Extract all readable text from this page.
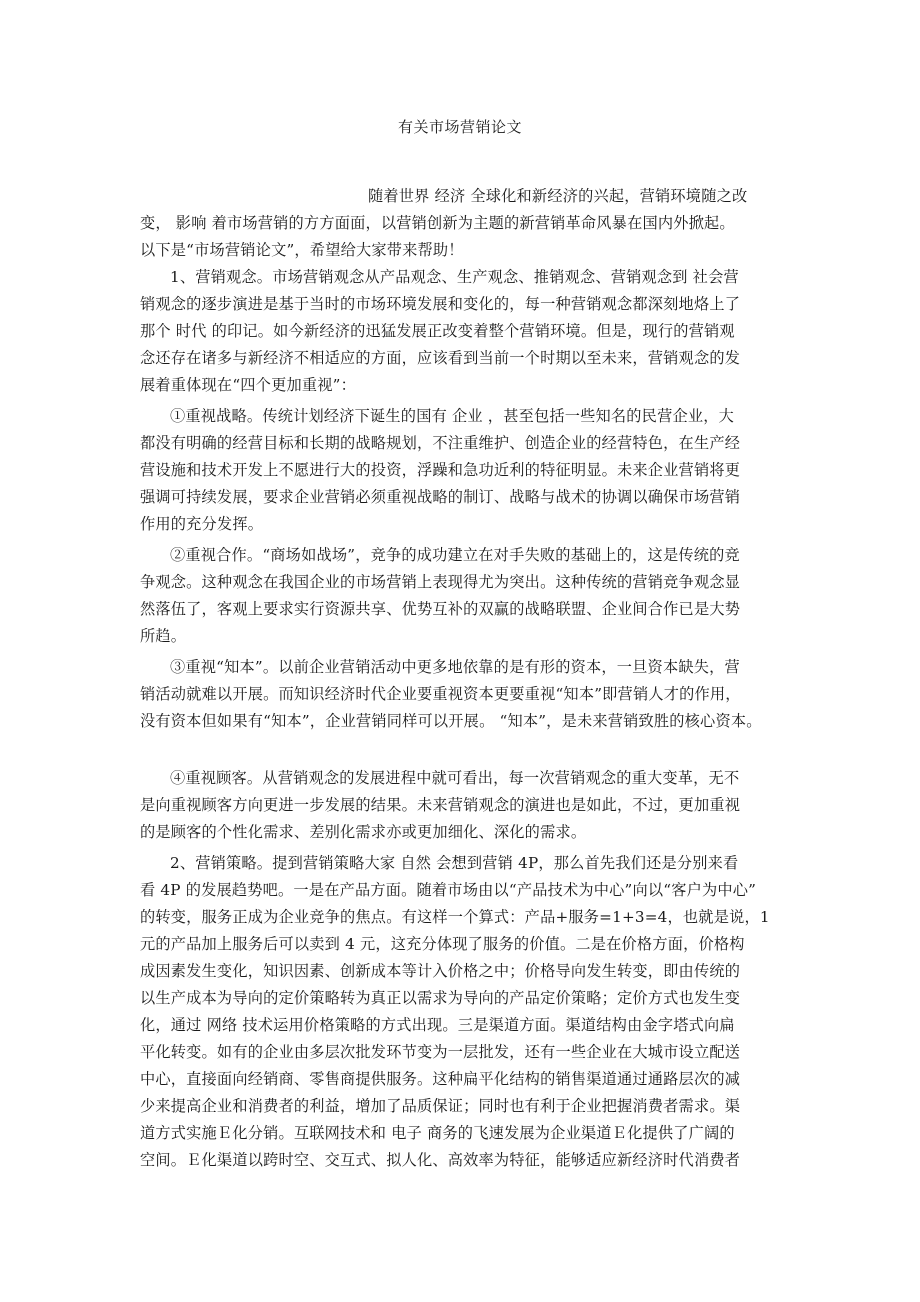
有关市场营销论文
随着世界 经济 全球化和新经济的兴起，营销环境随之改
变， 影响 着市场营销的方方面面，以营销创新为主题的新营销革命风暴在国内外掀起。
以下是“市场营销论文”，希望给大家带来帮助！
1、营销观念。市场营销观念从产品观念、生产观念、推销观念、营销观念到 社会营
销观念的逐步演进是基于当时的市场环境发展和变化的，每一种营销观念都深刻地烙上了
那个 时代 的印记。如今新经济的迅猛发展正改变着整个营销环境。但是，现行的营销观
念还存在诸多与新经济不相适应的方面，应该看到当前一个时期以至未来，营销观念的发
展着重体现在“四个更加重视”：
①重视战略。传统计划经济下诞生的国有 企业 ，甚至包括一些知名的民营企业，大
都没有明确的经营目标和长期的战略规划，不注重维护、创造企业的经营特色，在生产经
营设施和技术开发上不愿进行大的投资，浮躁和急功近利的特征明显。未来企业营销将更
强调可持续发展，要求企业营销必须重视战略的制订、战略与战术的协调以确保市场营销
作用的充分发挥。
②重视合作。“商场如战场”，竞争的成功建立在对手失败的基础上的，这是传统的竞
争观念。这种观念在我国企业的市场营销上表现得尤为突出。这种传统的营销竞争观念显
然落伍了，客观上要求实行资源共享、优势互补的双赢的战略联盟、企业间合作已是大势
所趋。
③重视“知本”。以前企业营销活动中更多地依靠的是有形的资本，一旦资本缺失，营
销活动就难以开展。而知识经济时代企业要重视资本更要重视“知本”即营销人才的作用，
没有资本但如果有“知本”，企业营销同样可以开展。 “知本”，是未来营销致胜的核心资本。
④重视顾客。从营销观念的发展进程中就可看出，每一次营销观念的重大变革，无不
是向重视顾客方向更进一步发展的结果。未来营销观念的演进也是如此，不过，更加重视
的是顾客的个性化需求、差别化需求亦或更加细化、深化的需求。
2、营销策略。提到营销策略大家 自然 会想到营销 4P，那么首先我们还是分别来看
看 4P 的发展趋势吧。一是在产品方面。随着市场由以“产品技术为中心”向以“客户为中心”
的转变，服务正成为企业竞争的焦点。有这样一个算式：产品+服务=1+3=4，也就是说，1
元的产品加上服务后可以卖到 4 元，这充分体现了服务的价值。二是在价格方面，价格构
成因素发生变化，知识因素、创新成本等计入价格之中；价格导向发生转变，即由传统的
以生产成本为导向的定价策略转为真正以需求为导向的产品定价策略；定价方式也发生变
化，通过 网络 技术运用价格策略的方式出现。三是渠道方面。渠道结构由金字塔式向扁
平化转变。如有的企业由多层次批发环节变为一层批发，还有一些企业在大城市设立配送
中心，直接面向经销商、零售商提供服务。这种扁平化结构的销售渠道通过通路层次的减
少来提高企业和消费者的利益，增加了品质保证；同时也有利于企业把握消费者需求。渠
道方式实施Ｅ化分销。互联网技术和 电子 商务的飞速发展为企业渠道Ｅ化提供了广阔的
空间。Ｅ化渠道以跨时空、交互式、拟人化、高效率为特征，能够适应新经济时代消费者
